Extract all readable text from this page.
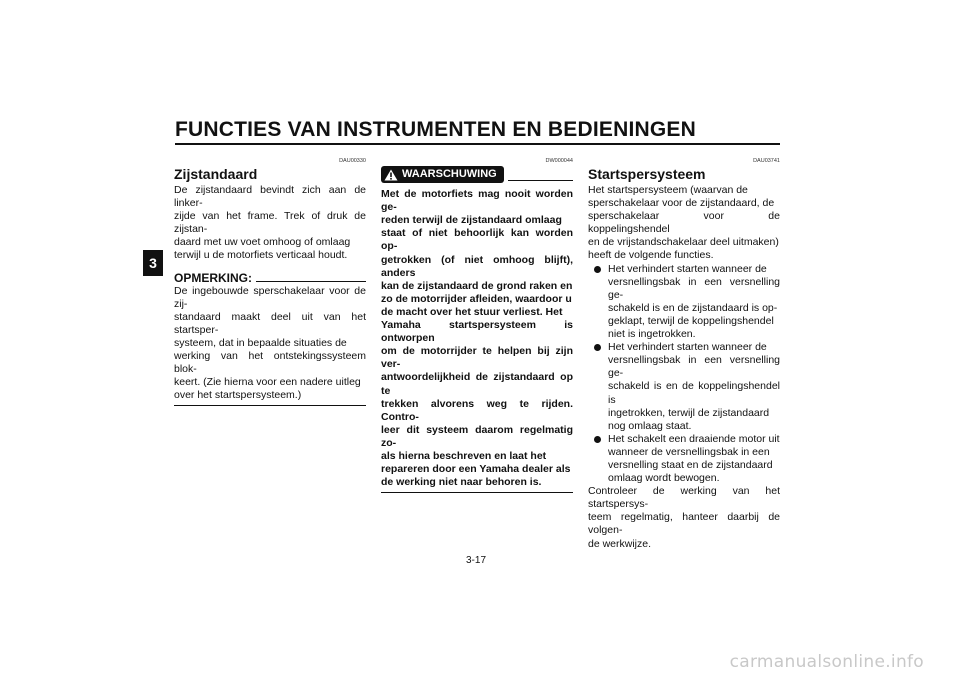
FUNCTIES VAN INSTRUMENTEN EN BEDIENINGEN
3
DAU00330
Zijstandaard
De zijstandaard bevindt zich aan de linker-
zijde van het frame. Trek of druk de zijstan-
daard met uw voet omhoog of omlaag
terwijl u de motorfiets verticaal houdt.
OPMERKING:
De ingebouwde sperschakelaar voor de zij-
standaard maakt deel uit van het startsper-
systeem, dat in bepaalde situaties de
werking van het ontstekingssysteem blok-
keert. (Zie hierna voor een nadere uitleg
over het startspersysteem.)
DW000044
WAARSCHUWING
Met de motorfiets mag nooit worden ge-
reden terwijl de zijstandaard omlaag
staat of niet behoorlijk kan worden op-
getrokken (of niet omhoog blijft), anders
kan de zijstandaard de grond raken en
zo de motorrijder afleiden, waardoor u
de macht over het stuur verliest. Het
Yamaha startspersysteem is ontworpen
om de motorrijder te helpen bij zijn ver-
antwoordelijkheid de zijstandaard op te
trekken alvorens weg te rijden. Contro-
leer dit systeem daarom regelmatig zo-
als hierna beschreven en laat het
repareren door een Yamaha dealer als
de werking niet naar behoren is.
DAU03741
Startspersysteem
Het startspersysteem (waarvan de
sperschakelaar voor de zijstandaard, de
sperschakelaar voor de koppelingshendel
en de vrijstandschakelaar deel uitmaken)
heeft de volgende functies.
Het verhindert starten wanneer de
versnellingsbak in een versnelling ge-
schakeld is en de zijstandaard is op-
geklapt, terwijl de koppelingshendel
niet is ingetrokken.
Het verhindert starten wanneer de
versnellingsbak in een versnelling ge-
schakeld is en de koppelingshendel is
ingetrokken, terwijl de zijstandaard
nog omlaag staat.
Het schakelt een draaiende motor uit
wanneer de versnellingsbak in een
versnelling staat en de zijstandaard
omlaag wordt bewogen.
Controleer de werking van het startspersys-
teem regelmatig, hanteer daarbij de volgen-
de werkwijze.
3-17
carmanualsonline.info
